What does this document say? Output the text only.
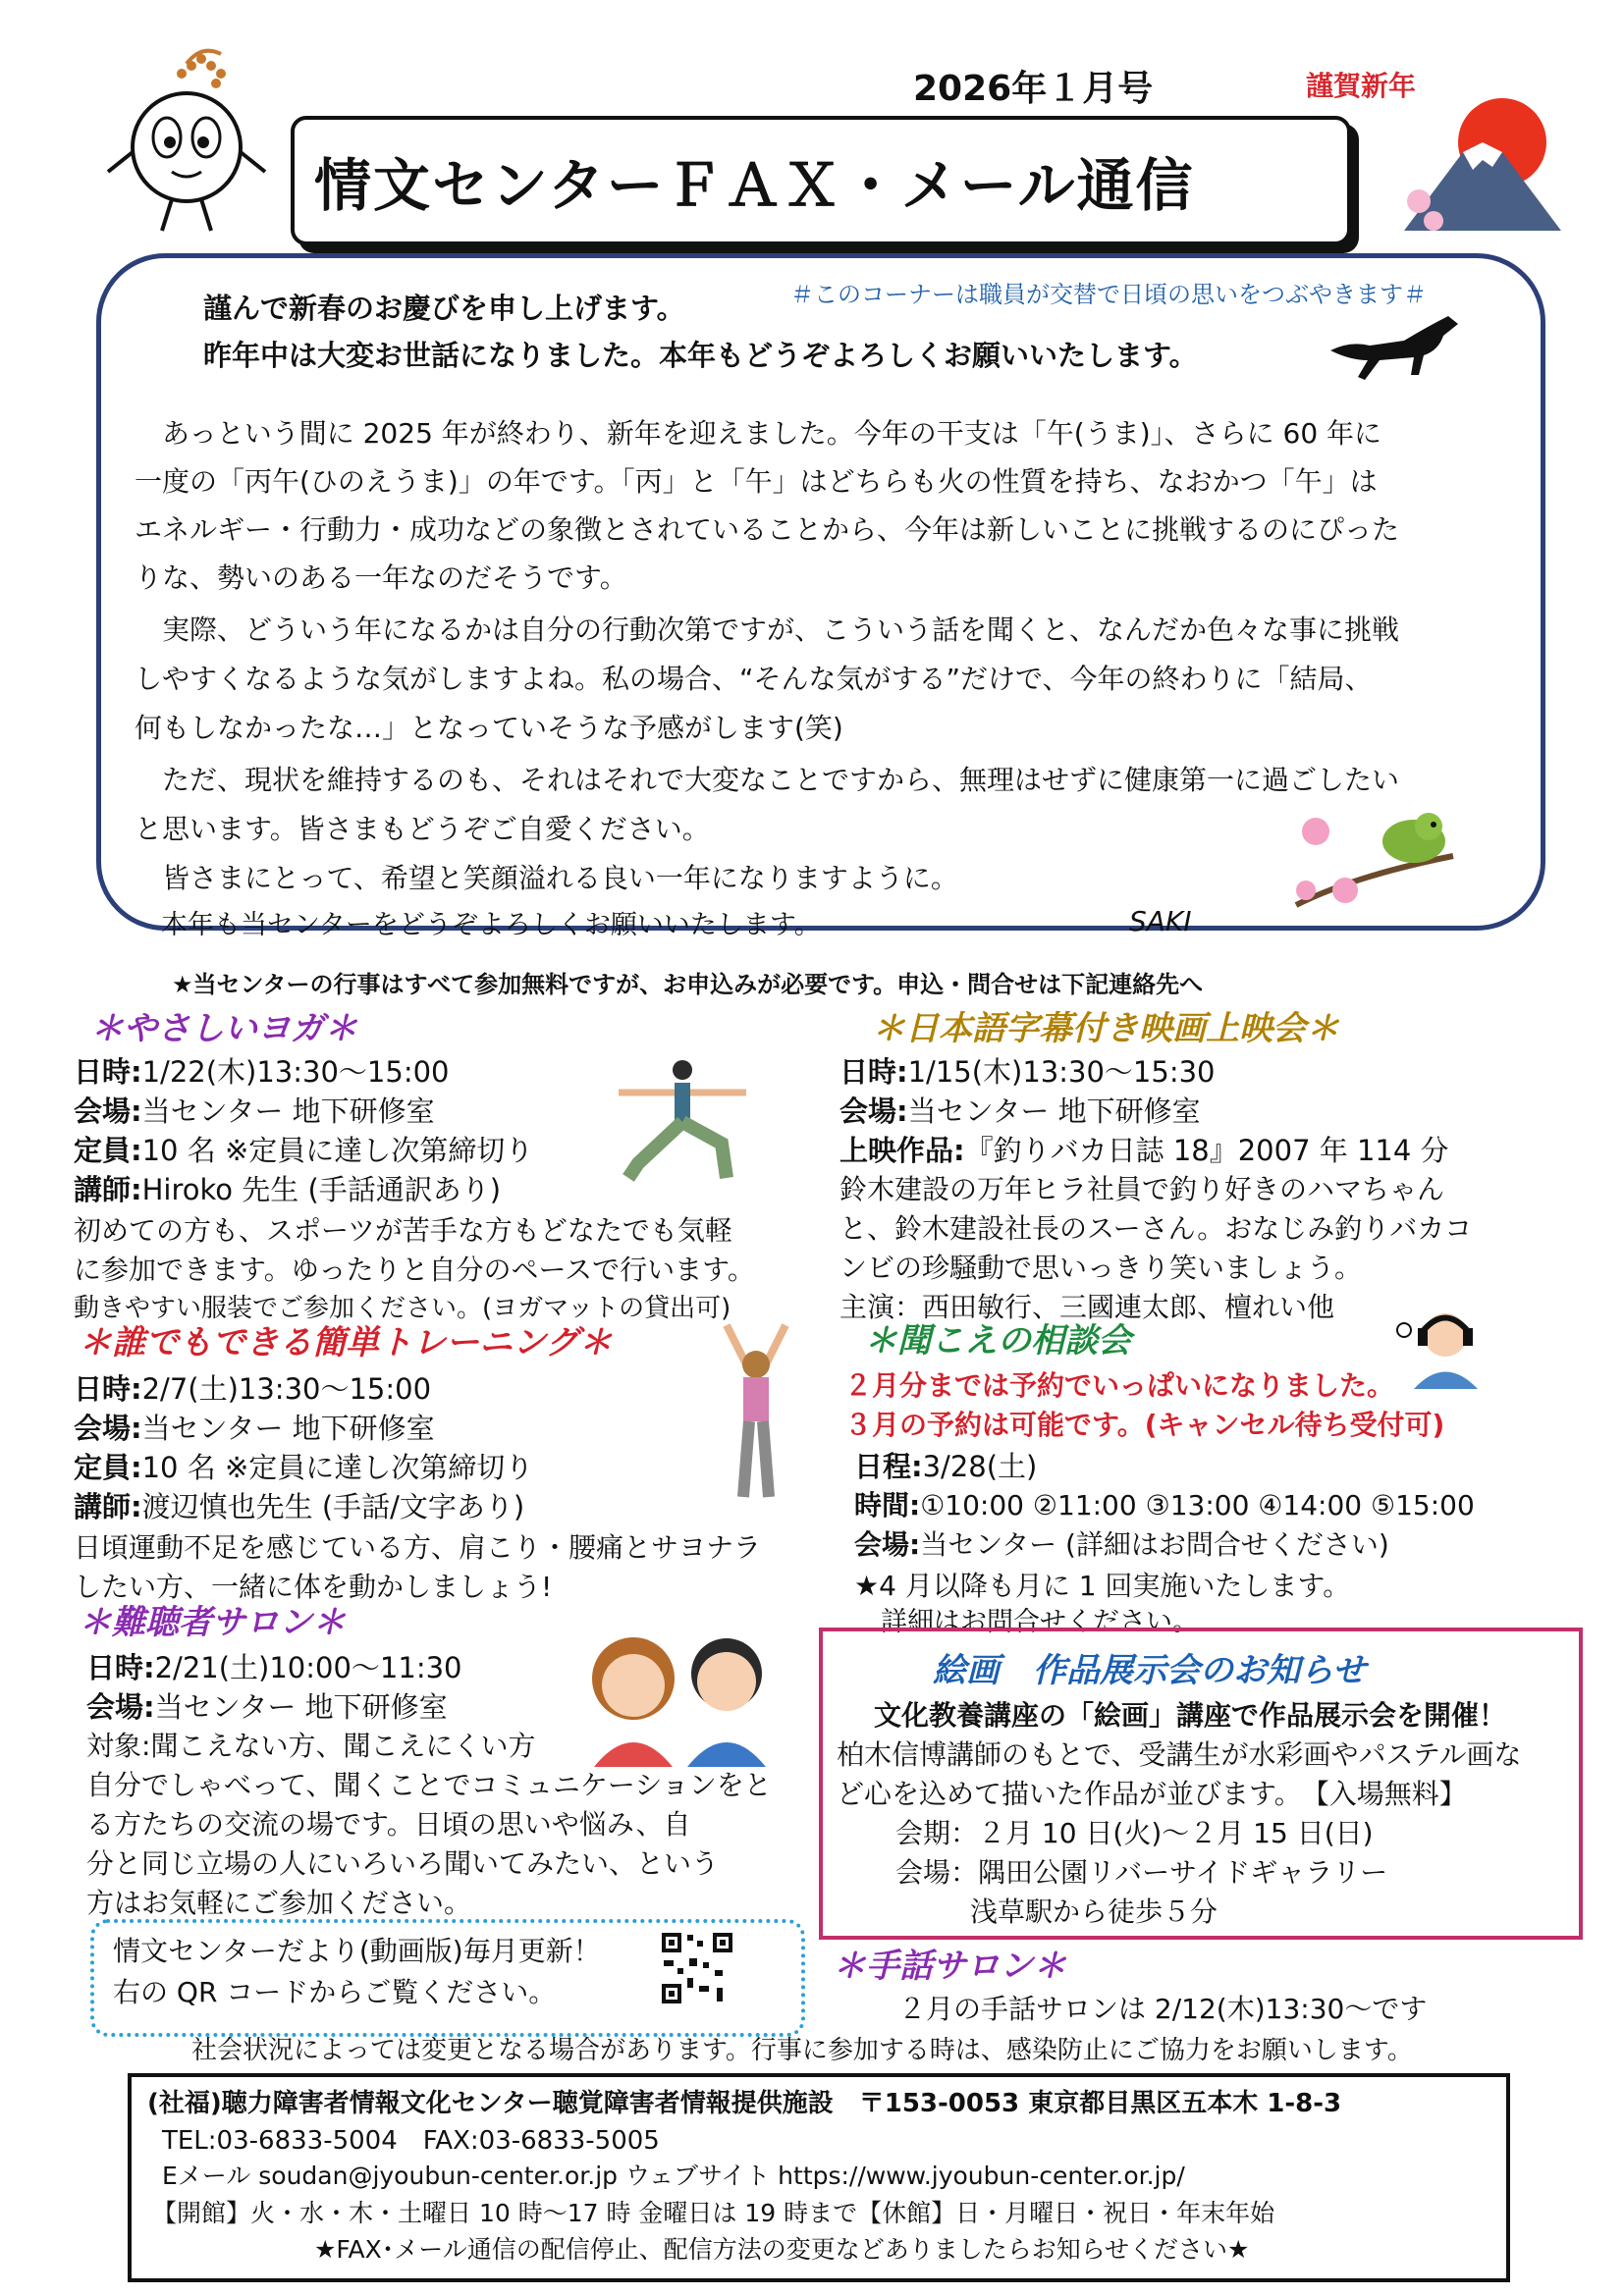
2026年１月号	謹賀新年
情文センターＦＡＸ・メール通信
＃このコーナーは職員が交替で日頃の思いをつぶやきます＃
謹んで新春のお慶びを申し上げます。
昨年中は大変お世話になりました。本年もどうぞよろしくお願いいたします。
　あっという間に 2025 年が終わり、新年を迎えました。今年の干支は「午(うま)」、さらに 60 年に
一度の「丙午(ひのえうま)」の年です。「丙」と「午」はどちらも火の性質を持ち、なおかつ「午」は
エネルギー・行動力・成功などの象徴とされていることから、今年は新しいことに挑戦するのにぴった
りな、勢いのある一年なのだそうです。
　実際、どういう年になるかは自分の行動次第ですが、こういう話を聞くと、なんだか色々な事に挑戦
しやすくなるような気がしますよね。私の場合、“そんな気がする”だけで、今年の終わりに「結局、
何もしなかったな…」となっていそうな予感がします(笑)
　ただ、現状を維持するのも、それはそれで大変なことですから、無理はせずに健康第一に過ごしたい
と思います。皆さまもどうぞご自愛ください。
　皆さまにとって、希望と笑顔溢れる良い一年になりますように。
　本年も当センターをどうぞよろしくお願いいたします。	SAKI
★当センターの行事はすべて参加無料ですが、お申込みが必要です。申込・問合せは下記連絡先へ
＊やさしいヨガ＊
日時:1/22(木)13:30～15:00
会場:当センター 地下研修室
定員:10 名 ※定員に達し次第締切り
講師:Hiroko 先生 (手話通訳あり)
初めての方も、スポーツが苦手な方もどなたでも気軽
に参加できます。ゆったりと自分のペースで行います。
動きやすい服装でご参加ください。(ヨガマットの貸出可)
＊誰でもできる簡単トレーニング＊
日時:2/7(土)13:30～15:00
会場:当センター 地下研修室
定員:10 名 ※定員に達し次第締切り
講師:渡辺慎也先生 (手話/文字あり)
日頃運動不足を感じている方、肩こり・腰痛とサヨナラ
したい方、一緒に体を動かしましょう!
＊難聴者サロン＊
日時:2/21(土)10:00～11:30
会場:当センター 地下研修室
対象:聞こえない方、聞こえにくい方
自分でしゃべって、聞くことでコミュニケーションをと
る方たちの交流の場です。日頃の思いや悩み、自
分と同じ立場の人にいろいろ聞いてみたい、という
方はお気軽にご参加ください。
＊日本語字幕付き映画上映会＊
日時:1/15(木)13:30～15:30
会場:当センター 地下研修室
上映作品:『釣りバカ日誌 18』2007 年 114 分
鈴木建設の万年ヒラ社員で釣り好きのハマちゃん
と、鈴木建設社長のスーさん。おなじみ釣りバカコ
ンビの珍騒動で思いっきり笑いましょう。
主演：西田敏行、三國連太郎、檀れい他
＊聞こえの相談会
２月分までは予約でいっぱいになりました。
３月の予約は可能です。(キャンセル待ち受付可)
日程:3/28(土)
時間:①10:00 ②11:00 ③13:00 ④14:00 ⑤15:00
会場:当センター (詳細はお問合せください)
★4 月以降も月に 1 回実施いたします。
　詳細はお問合せください。
絵画　作品展示会のお知らせ
文化教養講座の「絵画」講座で作品展示会を開催！
柏木信博講師のもとで、受講生が水彩画やパステル画な
ど心を込めて描いた作品が並びます。　【入場無料】
会期：２月 10 日(火)～２月 15 日(日)
会場：隅田公園リバーサイドギャラリー
浅草駅から徒歩５分
情文センターだより(動画版)毎月更新！
右の QR コードからご覧ください。
＊手話サロン＊
２月の手話サロンは 2/12(木)13:30～です
社会状況によっては変更となる場合があります。行事に参加する時は、感染防止にご協力をお願いします。
(社福)聴力障害者情報文化センター聴覚障害者情報提供施設　〒153-0053 東京都目黒区五本木 1-8-3
TEL:03-6833-5004　FAX:03-6833-5005
Eメール soudan@jyoubun-center.or.jp ウェブサイト https://www.jyoubun-center.or.jp/
【開館】火・水・木・土曜日 10 時～17 時 金曜日は 19 時まで【休館】日・月曜日・祝日・年末年始
★FAX･メール通信の配信停止、配信方法の変更などありましたらお知らせください★
